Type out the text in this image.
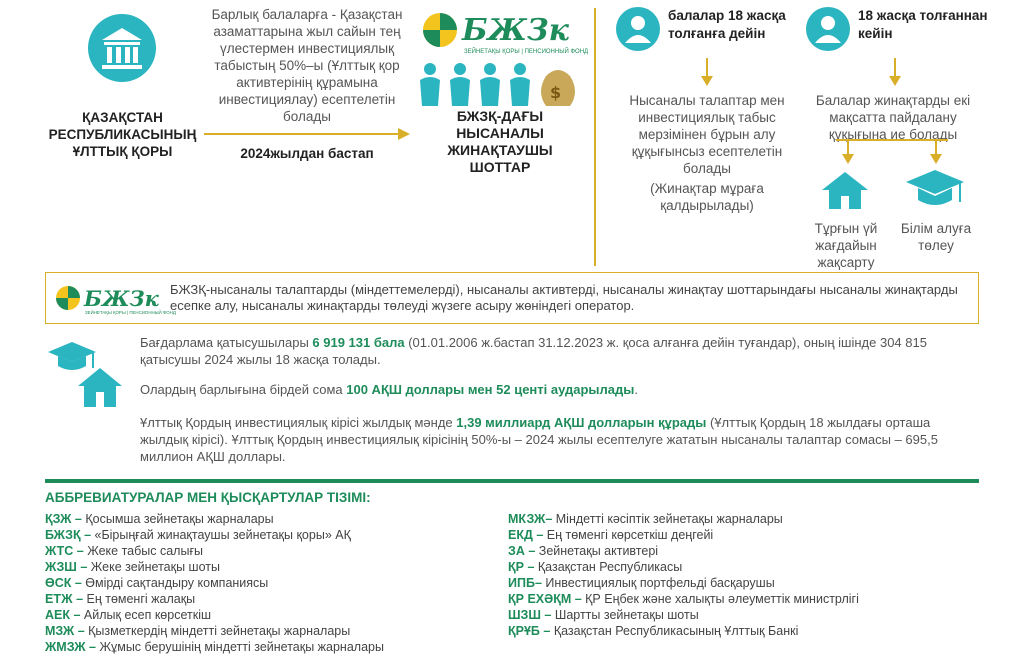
ҚАЗАҚСТАН РЕСПУБЛИКАСЫНЫҢ ҰЛТТЫҚ ҚОРЫ
Барлық балаларға - Қазақстан азаматтарына жыл сайын тең үлестермен инвестициялық табыстың 50%–ы (Ұлттық қор активтерінің құрамына инвестициялау) есептелетін болады
2024жылдан бастап
БЖЗк
ЗЕЙНЕТАҚЫ ҚОРЫ | ПЕНСИОННЫЙ ФОНД
$
БЖЗҚ-ДАҒЫ НЫСАНАЛЫ ЖИНАҚТАУШЫ ШОТТАР
балалар 18 жасқа толғанға дейін
18 жасқа толғаннан кейін
Нысаналы талаптар мен инвестициялық табыс мерзімінен бұрын алу құқығынсыз есептелетін болады
(Жинақтар мұраға қалдырылады)
Балалар жинақтарды екі мақсатта пайдалану құқығына ие болады
Тұрғын үй жағдайын жақсарту
Білім алуға төлеу
БЖЗк
ЗЕЙНЕТАҚЫ ҚОРЫ | ПЕНСИОННЫЙ ФОНД
БЖЗҚ-нысаналы талаптарды (міндеттемелерді), нысаналы активтерді, нысаналы жинақтау шоттарындағы нысаналы жинақтарды есепке алу, нысаналы жинақтарды төлеуді жүзеге асыру жөніндегі оператор.
Бағдарлама қатысушылары 6 919 131 бала (01.01.2006 ж.бастап 31.12.2023 ж. қоса алғанға дейін туғандар), оның ішінде 304 815 қатысушы 2024 жылы 18 жасқа толады.
Олардың барлығына бірдей сома 100 АҚШ доллары мен 52 центі аударылады.
Ұлттық Қордың инвестициялық кірісі жылдық мәнде 1,39 миллиард АҚШ долларын құрады (Ұлттық Қордың 18 жылдағы орташа жылдық кірісі). Ұлттық Қордың инвестициялық кірісінің 50%-ы – 2024 жылы есептелуге жататын нысаналы талаптар сомасы – 695,5 миллион АҚШ доллары.
АББРЕВИАТУРАЛАР МЕН ҚЫСҚАРТУЛАР ТІЗІМІ:
ҚЗЖ – Қосымша зейнетақы жарналары
БЖЗҚ – «Бірыңғай жинақтаушы зейнетақы қоры» АҚ
ЖТС – Жеке табыс салығы
ЖЗШ – Жеке зейнетақы шоты
ӨСК – Өмірді сақтандыру компаниясы
ЕТЖ – Ең төменгі жалақы
АЕК – Айлық есеп көрсеткіш
МЗЖ – Қызметкердің міндетті зейнетақы жарналары
ЖМЗЖ – Жұмыс берушінің міндетті зейнетақы жарналары
МКЗЖ– Міндетті кәсіптік зейнетақы жарналары
ЕКД – Ең төменгі көрсеткіш деңгейі
ЗА – Зейнетақы активтері
ҚР – Қазақстан Республикасы
ИПБ– Инвестициялық портфельді басқарушы
ҚР ЕХӘҚМ – ҚР Еңбек және халықты әлеуметтік министрлігі
ШЗШ – Шартты зейнетақы шоты
ҚРҰБ – Қазақстан Республикасының Ұлттық Банкі
